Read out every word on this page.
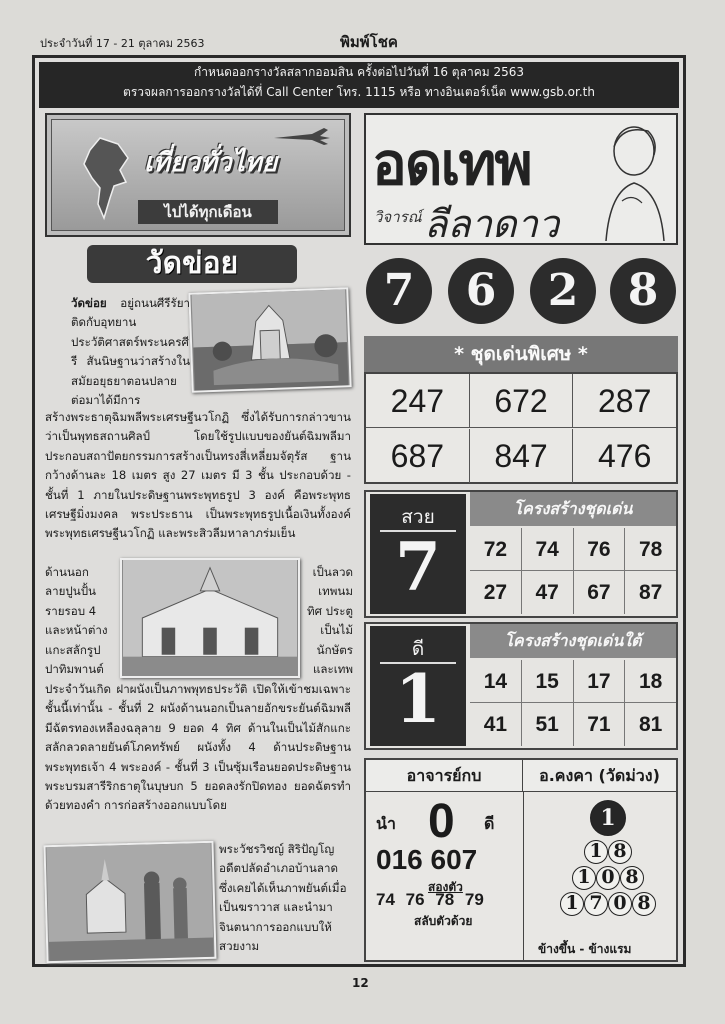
ประจำวันที่ 17 - 21 ตุลาคม 2563	พิมพ์โชค
กำหนดออกรางวัลสลากออมสิน ครั้งต่อไปวันที่ 16 ตุลาคม 2563
ตรวจผลการออกรางวัลได้ที่ Call Center โทร. 1115 หรือ ทางอินเตอร์เน็ต www.gsb.or.th
เที่ยวทั่วไทย
ไปได้ทุกเดือน
วัดข่อย

วัดข่อย อยู่ถนนศีรีรัยา ติดกับอุทยานประวัติศาสตร์พระนครศีรี สันนิษฐานว่าสร้างในสมัยอยุธยาตอนปลาย ต่อมาได้มีการ

สร้างพระธาตุฉิมพลีพระเศรษฐีนวโกฏิ ซึ่งได้รับการกล่าวขานว่าเป็นพุทธสถานศิลป์ โดยใช้รูปแบบของยันต์ฉิมพลีมาประกอบสถาปัตยกรรมการสร้างเป็นทรงสี่เหลี่ยมจัตุรัส ฐานกว้างด้านละ 18 เมตร สูง 27 เมตร มี 3 ชั้น ประกอบด้วย - ชั้นที่ 1 ภายในประดิษฐานพระพุทธรูป 3 องค์ คือพระพุทธเศรษฐีมิ่งมงคล พระประธาน เป็นพระพุทธรูปเนื้อเงินทั้งองค์ พระพุทธเศรษฐีนวโกฏิ และพระสิวลีมหาลาภร่มเย็น

ด้านนอก
ลายปูนปั้น
รายรอบ 4
และหน้าต่าง
แกะสลักรูป
ปาทิมพานต์
เป็นลวด
เทพนม
ทิศ ประตู
เป็นไม้
นักษัตร
และเทพ

ประจำวันเกิด ฝาผนังเป็นภาพพุทธประวัติ เปิดให้เข้าชมเฉพาะชั้นนี้เท่านั้น - ชั้นที่ 2 ผนังด้านนอกเป็นลายอักขระยันต์ฉิมพลี มีฉัตรทองเหลืองฉลุลาย 9 ยอด 4 ทิศ ด้านในเป็นไม้สักแกะสลักลวดลายยันต์โภคทรัพย์ ผนังทั้ง 4 ด้านประดิษฐานพระพุทธเจ้า 4 พระองค์ - ชั้นที่ 3 เป็นซุ้มเรือนยอดประดิษฐานพระบรมสารีริกธาตุในบุษบก 5 ยอดลงรักปิดทอง ยอดฉัตรทำด้วยทองคำ การก่อสร้างออกแบบโดย

พระวัชรวิชญ์ สิริปัญโญ
อดีตปลัดอำเภอบ้านลาด
ซึ่งเคยได้เห็นภาพยันต์เมื่อ
เป็นฆราวาส และนำมา
จินตนาการออกแบบให้
สวยงาม
อดเทพ
วิจารณ์ ลีลาดาว
7	6	2	8
* ชุดเด่นพิเศษ *
247	672	287
687	847	476
สวย
7
โครงสร้างชุดเด่น
72	74	76	78
27	47	67	87
ดี
1
โครงสร้างชุดเด่นใต้
14	15	17	18
41	51	71	81
อาจารย์กบ	อ.คงคา (วัดม่วง)
นำ 0 ดี
016 607
สองตัว
74 76 78 79
สลับตัวด้วย
1
1 8
1 0 8
1 7 0 8
ข้างขึ้น - ข้างแรม
12
